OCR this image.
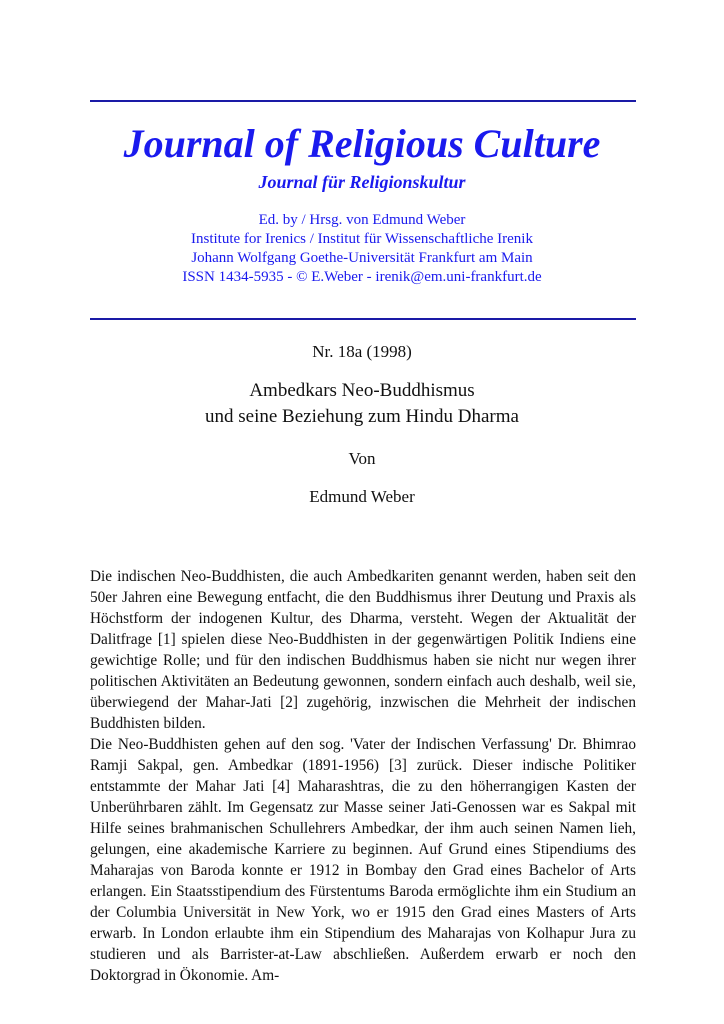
Journal of Religious Culture
Journal für Religionskultur
Ed. by / Hrsg. von Edmund Weber
Institute for Irenics / Institut für Wissenschaftliche Irenik
Johann Wolfgang Goethe-Universität Frankfurt am Main
ISSN 1434-5935 - © E.Weber - irenik@em.uni-frankfurt.de
Nr. 18a (1998)
Ambedkars Neo-Buddhismus
und seine Beziehung zum Hindu Dharma
Von
Edmund Weber

Die indischen Neo-Buddhisten, die auch Ambedkariten genannt werden, haben seit den 50er Jahren eine Bewegung entfacht, die den Buddhismus ihrer Deutung und Praxis als Höchstform der indogenen Kultur, des Dharma, versteht. Wegen der Aktualität der Dalitfrage [1] spielen diese Neo-Buddhisten in der gegenwärtigen Politik Indiens eine gewichtige Rolle; und für den indischen Buddhismus haben sie nicht nur wegen ihrer politischen Aktivitäten an Bedeutung gewonnen, sondern einfach auch deshalb, weil sie, überwiegend der Mahar-Jati [2] zugehörig, inzwischen die Mehrheit der indischen Buddhisten bilden.

Die Neo-Buddhisten gehen auf den sog. 'Vater der Indischen Verfassung' Dr. Bhimrao Ramji Sakpal, gen. Ambedkar (1891-1956) [3] zurück. Dieser indische Politiker entstammte der Mahar Jati [4] Maharashtras, die zu den höherrangigen Kasten der Unberührbaren zählt. Im Gegensatz zur Masse seiner Jati-Genossen war es Sakpal mit Hilfe seines brahmanischen Schullehrers Ambedkar, der ihm auch seinen Namen lieh, gelungen, eine akademische Karriere zu beginnen. Auf Grund eines Stipendiums des Maharajas von Baroda konnte er 1912 in Bombay den Grad eines Bachelor of Arts erlangen. Ein Staatsstipendium des Fürstentums Baroda ermöglichte ihm ein Studium an der Columbia Universität in New York, wo er 1915 den Grad eines Masters of Arts erwarb. In London erlaubte ihm ein Stipendium des Maharajas von Kolhapur Jura zu studieren und als Barrister-at-Law abschließen. Außerdem erwarb er noch den Doktorgrad in Ökonomie. Am-
